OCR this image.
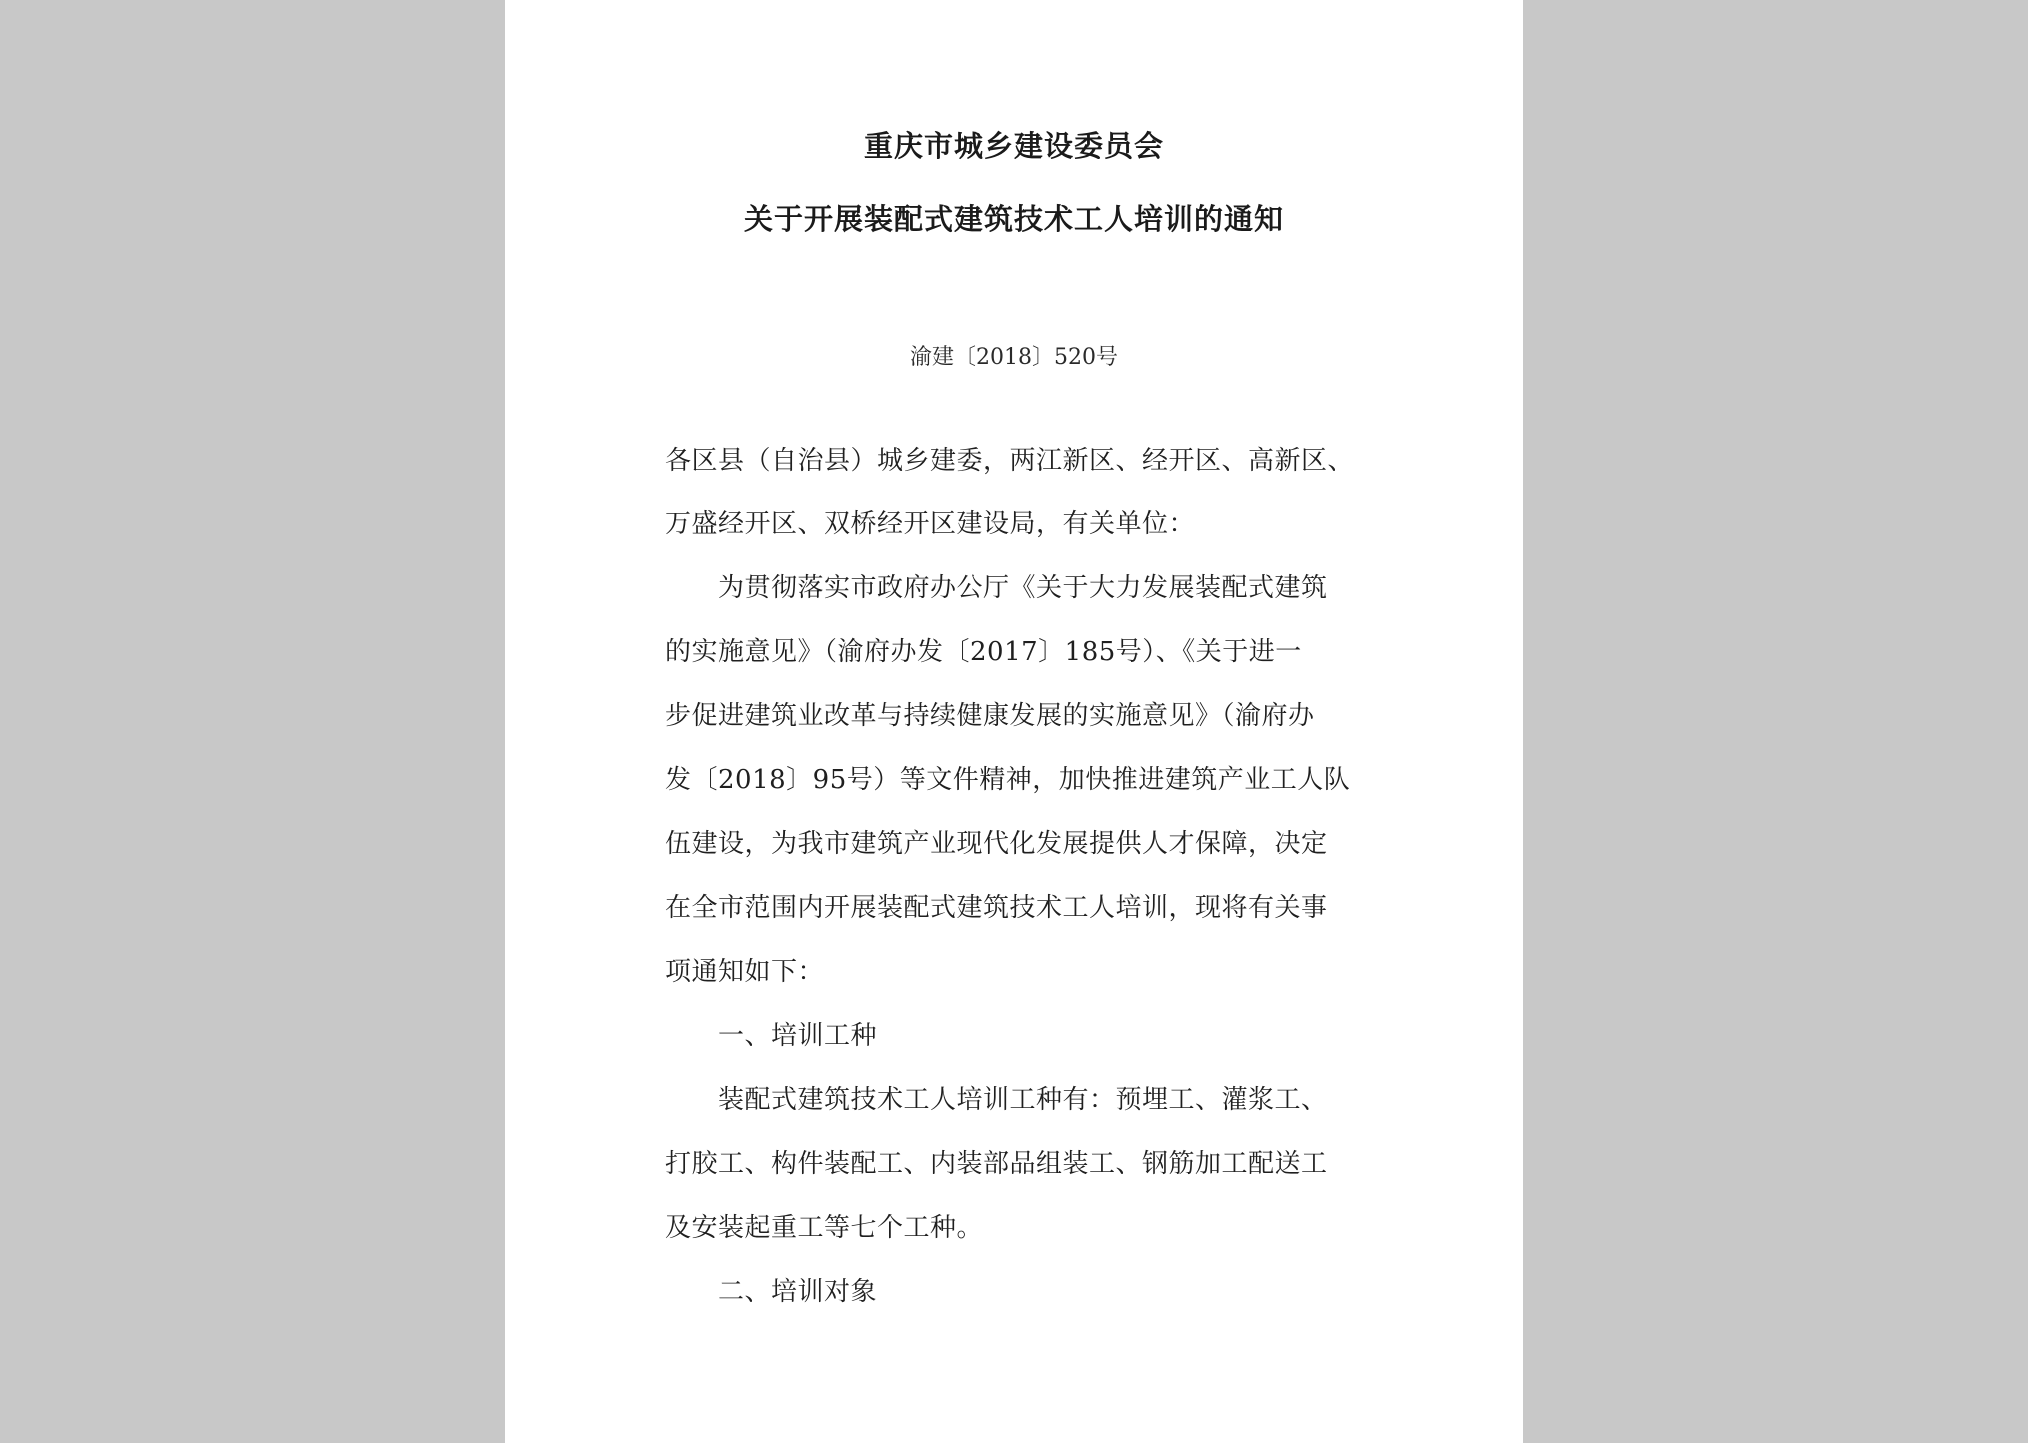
重庆市城乡建设委员会
关于开展装配式建筑技术工人培训的通知
渝建〔2018〕520号
各区县（自治县）城乡建委，两江新区、经开区、高新区、
万盛经开区、双桥经开区建设局，有关单位：
为贯彻落实市政府办公厅《关于大力发展装配式建筑
的实施意见》（渝府办发〔2017〕185号）、《关于进一
步促进建筑业改革与持续健康发展的实施意见》（渝府办
发〔2018〕95号）等文件精神，加快推进建筑产业工人队
伍建设，为我市建筑产业现代化发展提供人才保障，决定
在全市范围内开展装配式建筑技术工人培训，现将有关事
项通知如下：
一、培训工种
装配式建筑技术工人培训工种有：预埋工、灌浆工、
打胶工、构件装配工、内装部品组装工、钢筋加工配送工
及安装起重工等七个工种。
二、培训对象
